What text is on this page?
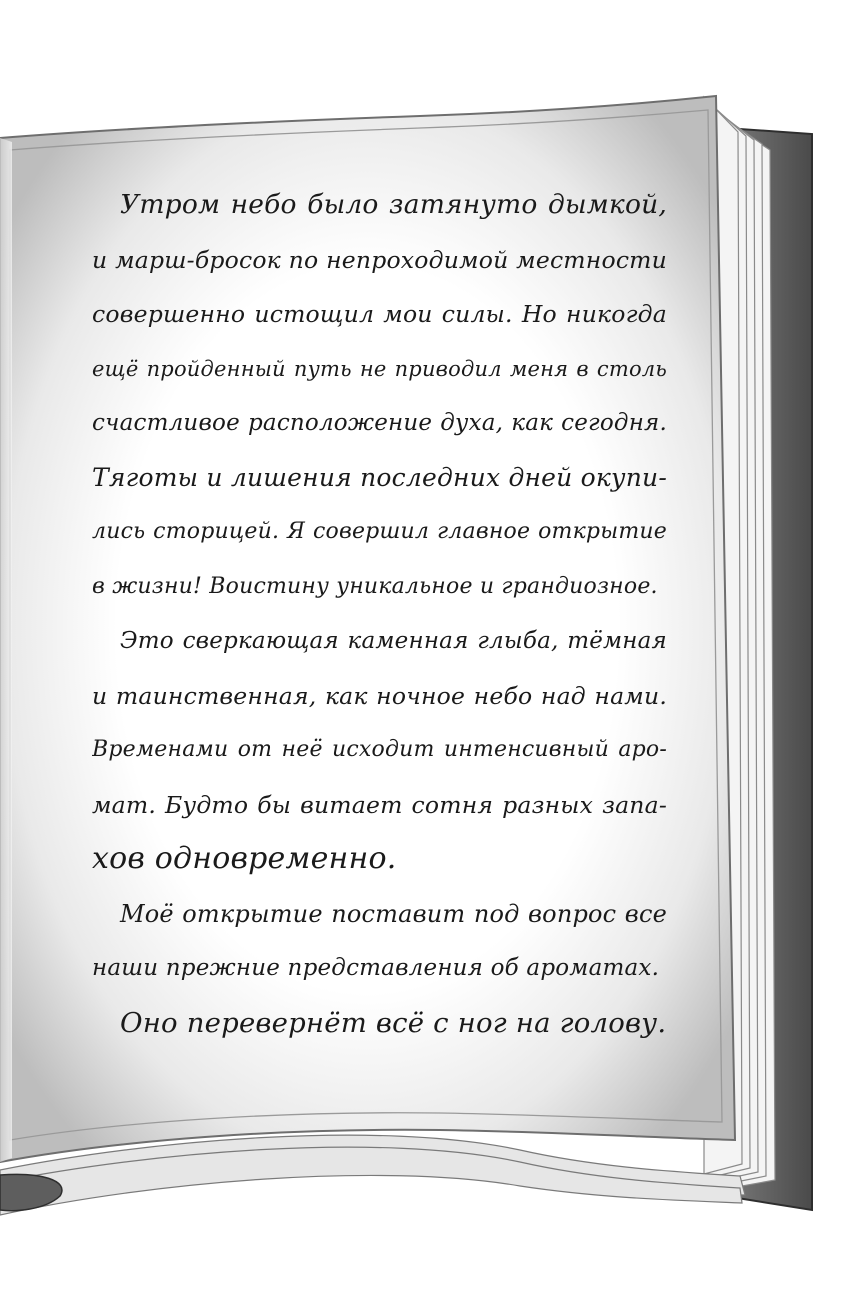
Утром небо было затянуто дымкой,
и марш-бросок по непроходимой местности
совершенно истощил мои силы. Но никогда
ещё пройденный путь не приводил меня в столь
счастливое расположение духа, как сегодня.
Тяготы и лишения последних дней окупи-
лись сторицей. Я совершил главное открытие
в жизни! Воистину уникальное и грандиозное.
Это сверкающая каменная глыба, тёмная
и таинственная, как ночное небо над нами.
Временами от неё исходит интенсивный аро-
мат. Будто бы витает сотня разных запа-
хов одновременно.
Моё открытие поставит под вопрос все
наши прежние представления об ароматах.
Оно перевернёт всё с ног на голову.
